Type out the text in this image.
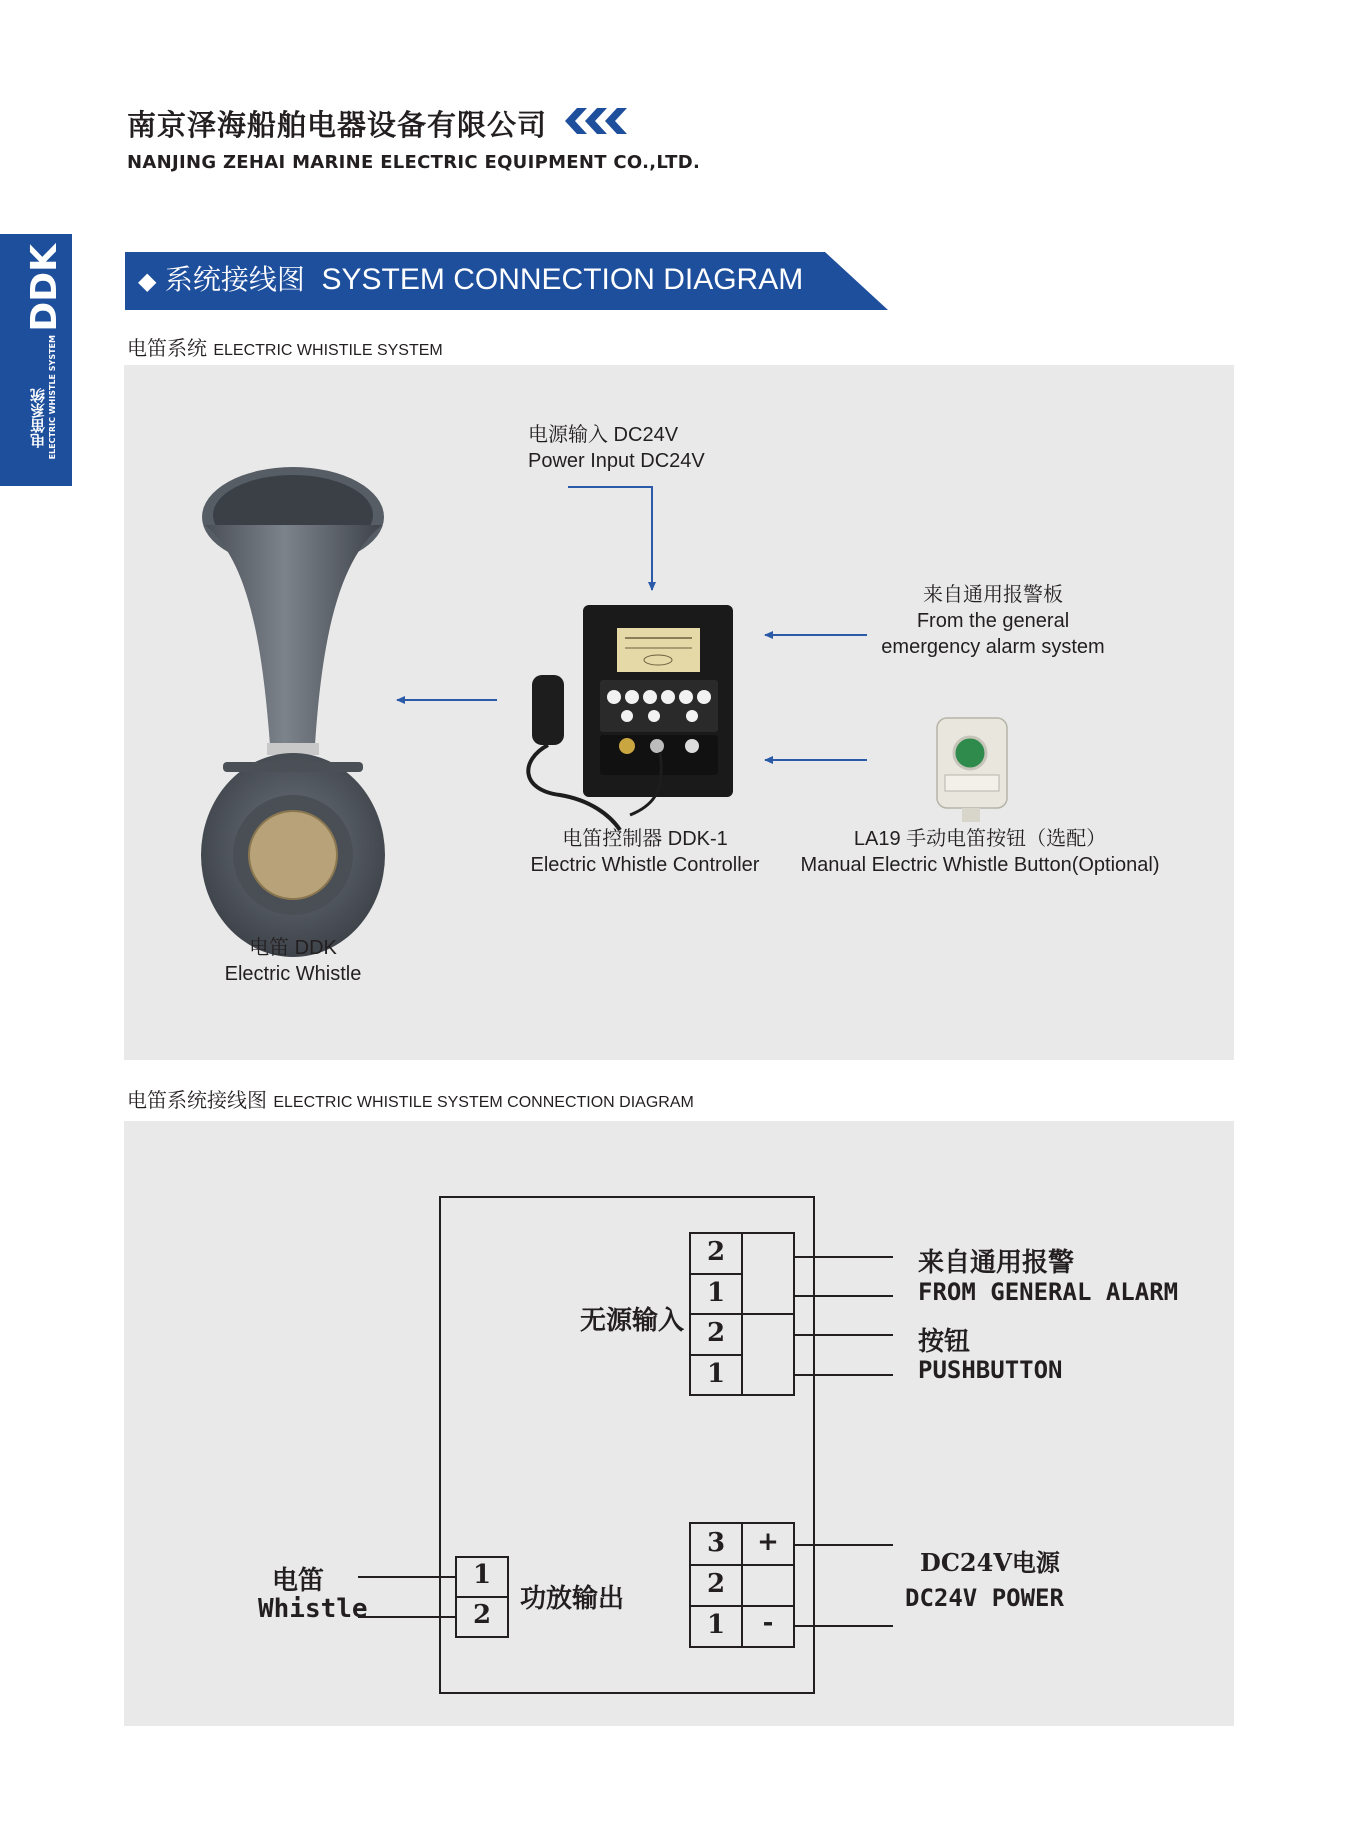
南京泽海船舶电器设备有限公司
NANJING ZEHAI MARINE ELECTRIC EQUIPMENT CO.,LTD.
DDK
电笛系统 ELECTRIC WHISTLE SYSTEM
◆ 系统接线图 SYSTEM CONNECTION DIAGRAM
电笛系统 ELECTRIC WHISTILE SYSTEM
电源输入 DC24V
Power Input DC24V
来自通用报警板
From the general
emergency alarm system
电笛控制器 DDK-1
Electric Whistle Controller
LA19 手动电笛按钮（选配）
Manual Electric Whistle Button(Optional)
电笛 DDK
Electric Whistle
电笛系统接线图 ELECTRIC WHISTILE SYSTEM CONNECTION DIAGRAM
2
1
2
1
3
2
1
+
-
1
2
无源输入
功放输出
来自通用报警
FROM GENERAL ALARM
按钮
PUSHBUTTON
DC24V电源
DC24V POWER
电笛
Whistle
